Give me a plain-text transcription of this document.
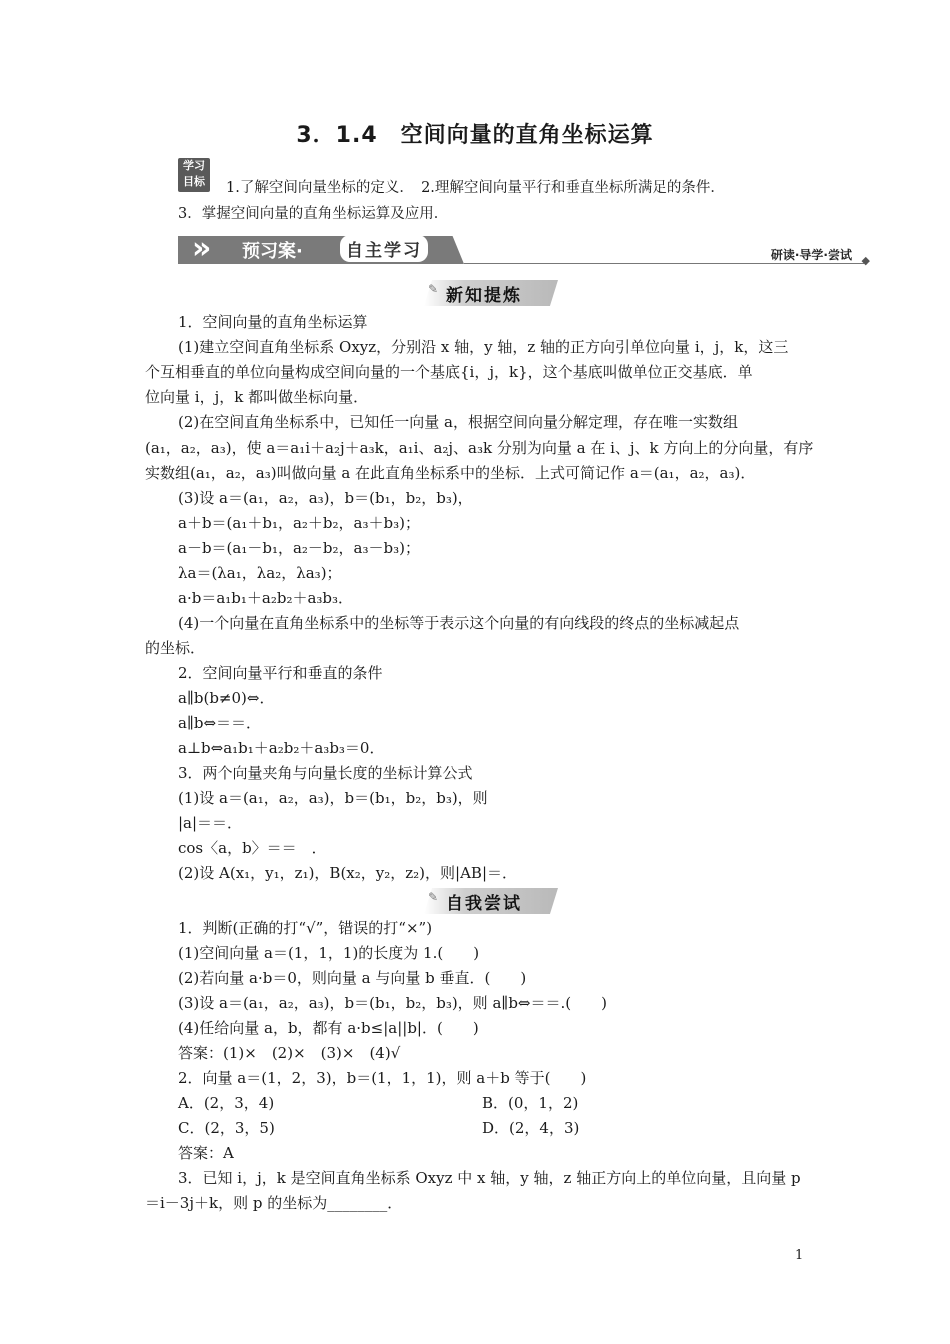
3．1.4　空间向量的直角坐标运算
学习
目标	1.了解空间向量坐标的定义．　2.理解空间向量平行和垂直坐标所满足的条件．
3．掌握空间向量的直角坐标运算及应用．
» 预习案·	自主学习	研读·导学·尝试 ◆
✎ 新知提炼
1．空间向量的直角坐标运算
(1)建立空间直角坐标系 Oxyz，分别沿 x 轴，y 轴，z 轴的正方向引单位向量 i，j，k，这三
个互相垂直的单位向量构成空间向量的一个基底{i，j，k}，这个基底叫做单位正交基底．单
位向量 i，j，k 都叫做坐标向量．
(2)在空间直角坐标系中，已知任一向量 a，根据空间向量分解定理，存在唯一实数组
(a₁，a₂，a₃)，使 a＝a₁i＋a₂j＋a₃k，a₁i、a₂j、a₃k 分别为向量 a 在 i、j、k 方向上的分向量，有序
实数组(a₁，a₂，a₃)叫做向量 a 在此直角坐标系中的坐标．上式可简记作 a＝(a₁，a₂，a₃)．
(3)设 a＝(a₁，a₂，a₃)，b＝(b₁，b₂，b₃)，
a＋b＝(a₁＋b₁，a₂＋b₂，a₃＋b₃)；
a－b＝(a₁－b₁，a₂－b₂，a₃－b₃)；
λa＝(λa₁，λa₂，λa₃)；
a·b＝a₁b₁＋a₂b₂＋a₃b₃．
(4)一个向量在直角坐标系中的坐标等于表示这个向量的有向线段的终点的坐标减起点
的坐标．
2．空间向量平行和垂直的条件
a∥b(b≠0)⇔．
a∥b⇔＝＝．
a⊥b⇔a₁b₁＋a₂b₂＋a₃b₃＝0．
3．两个向量夹角与向量长度的坐标计算公式
(1)设 a＝(a₁，a₂，a₃)，b＝(b₁，b₂，b₃)，则
|a|＝＝．
cos〈a，b〉＝＝　．
(2)设 A(x₁，y₁，z₁)，B(x₂，y₂，z₂)，则|AB|＝．
✎ 自我尝试
1．判断(正确的打“√”，错误的打“×”)
(1)空间向量 a＝(1，1，1)的长度为 1.(　　)
(2)若向量 a·b＝0，则向量 a 与向量 b 垂直．(　　)
(3)设 a＝(a₁，a₂，a₃)，b＝(b₁，b₂，b₃)，则 a∥b⇔＝＝.(　　)
(4)任给向量 a，b，都有 a·b≤|a||b|．(　　)
答案：(1)×　(2)×　(3)×　(4)√
2．向量 a＝(1，2，3)，b＝(1，1，1)，则 a＋b 等于(　　)
A．(2，3，4)	B．(0，1，2)
C．(2，3，5)	D．(2，4，3)
答案：A
3．已知 i，j，k 是空间直角坐标系 Oxyz 中 x 轴，y 轴，z 轴正方向上的单位向量，且向量 p
＝i－3j＋k，则 p 的坐标为________．
1
